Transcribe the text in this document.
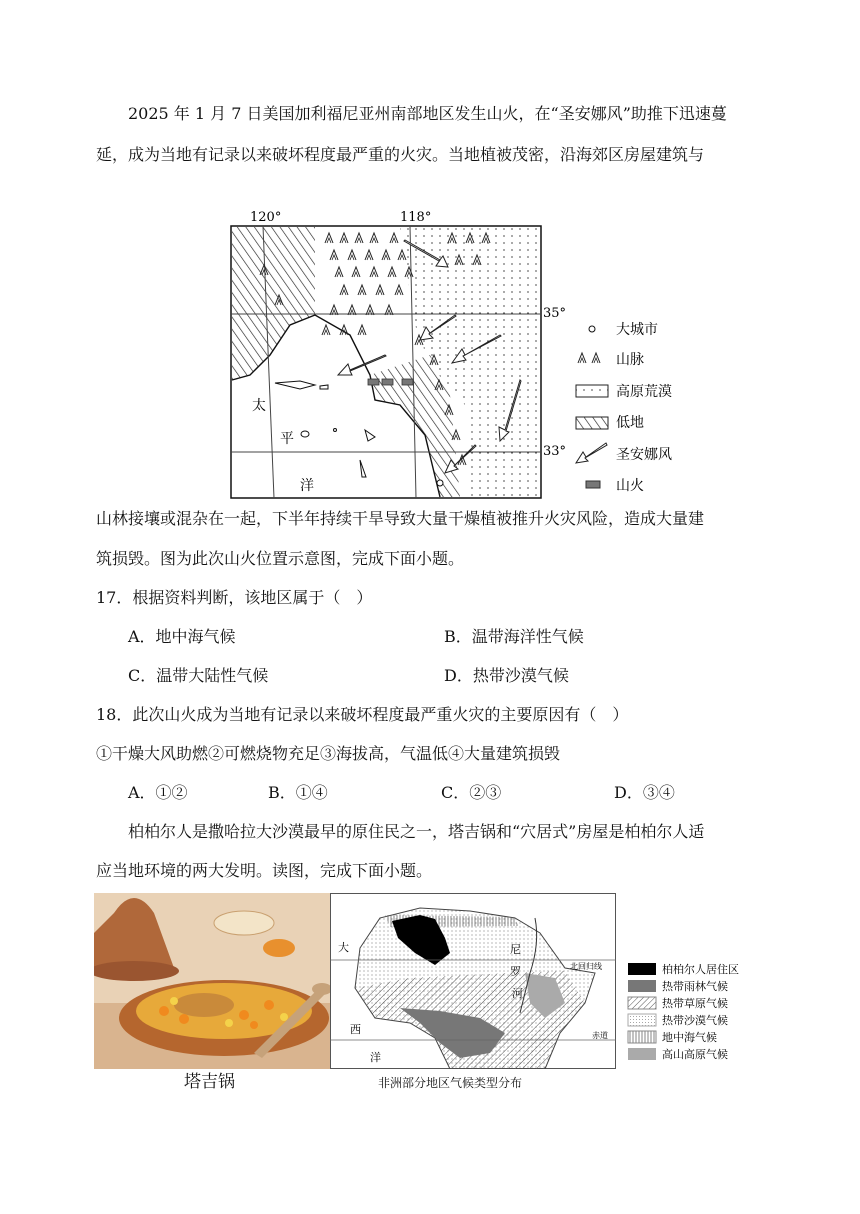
2025 年 1 月 7 日美国加利福尼亚州南部地区发生山火，在“圣安娜风”助推下迅速蔓
延，成为当地有记录以来破坏程度最严重的火灾。当地植被茂密，沿海郊区房屋建筑与
120°	118°
35°
33°
太
平
洋
大城市
山脉
高原荒漠
低地
圣安娜风
山火
山林接壤或混杂在一起，下半年持续干旱导致大量干燥植被推升火灾风险，造成大量建
筑损毁。图为此次山火位置示意图，完成下面小题。
17．根据资料判断，该地区属于（　）
A．地中海气候	B．温带海洋性气候
C．温带大陆性气候	D．热带沙漠气候
18．此次山火成为当地有记录以来破坏程度最严重火灾的主要原因有（　）
①干燥大风助燃②可燃烧物充足③海拔高，气温低④大量建筑损毁
A．①②	B．①④	C．②③	D．③④
柏柏尔人是撒哈拉大沙漠最早的原住民之一，塔吉锅和“穴居式”房屋是柏柏尔人适
应当地环境的两大发明。读图，完成下面小题。
塔吉锅
北回归线
赤道
大
西
洋
尼
罗
河
非洲部分地区气候类型分布
柏柏尔人居住区
热带雨林气候
热带草原气候
热带沙漠气候
地中海气候
高山高原气候
